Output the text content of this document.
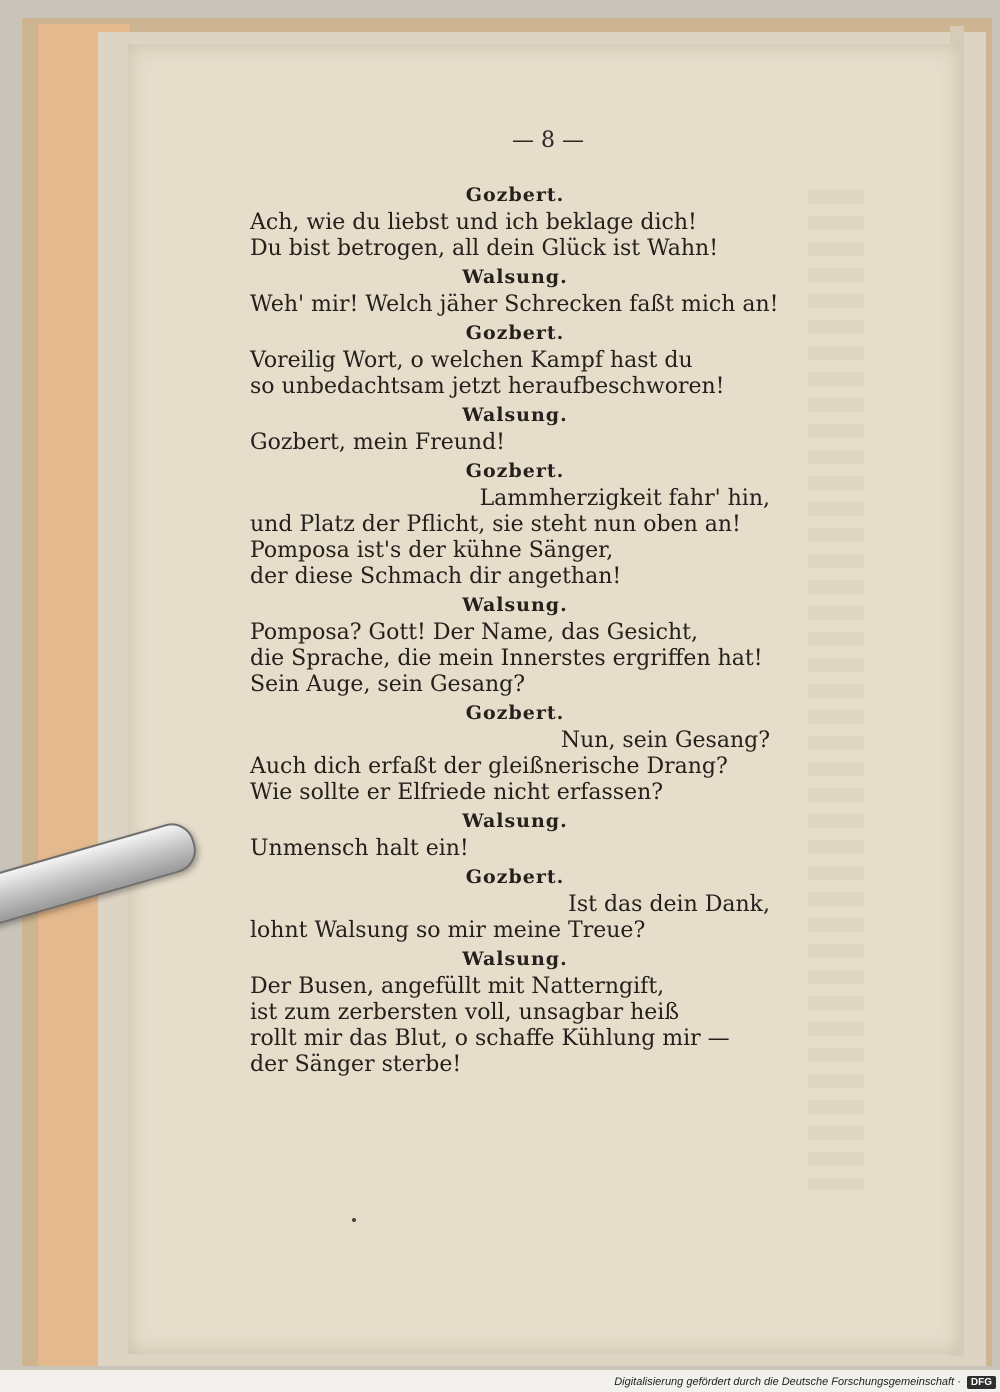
— 8 —
Gozbert.
Ach, wie du liebst und ich beklage dich!
Du bist betrogen, all dein Glück ist Wahn!
Walsung.
Weh' mir! Welch jäher Schrecken faßt mich an!
Gozbert.
Voreilig Wort, o welchen Kampf hast du
so unbedachtsam jetzt heraufbeschworen!
Walsung.
Gozbert, mein Freund!
Gozbert.
Lammherzigkeit fahr' hin,
und Platz der Pflicht, sie steht nun oben an!
Pomposa ist's der kühne Sänger,
der diese Schmach dir angethan!
Walsung.
Pomposa? Gott! Der Name, das Gesicht,
die Sprache, die mein Innerstes ergriffen hat!
Sein Auge, sein Gesang?
Gozbert.
Nun, sein Gesang?
Auch dich erfaßt der gleißnerische Drang?
Wie sollte er Elfriede nicht erfassen?
Walsung.
Unmensch halt ein!
Gozbert.
Ist das dein Dank,
lohnt Walsung so mir meine Treue?
Walsung.
Der Busen, angefüllt mit Natterngift,
ist zum zerbersten voll, unsagbar heiß
rollt mir das Blut, o schaffe Kühlung mir —
der Sänger sterbe!
Digitalisierung gefördert durch die Deutsche Forschungsgemeinschaft ·	DFG
